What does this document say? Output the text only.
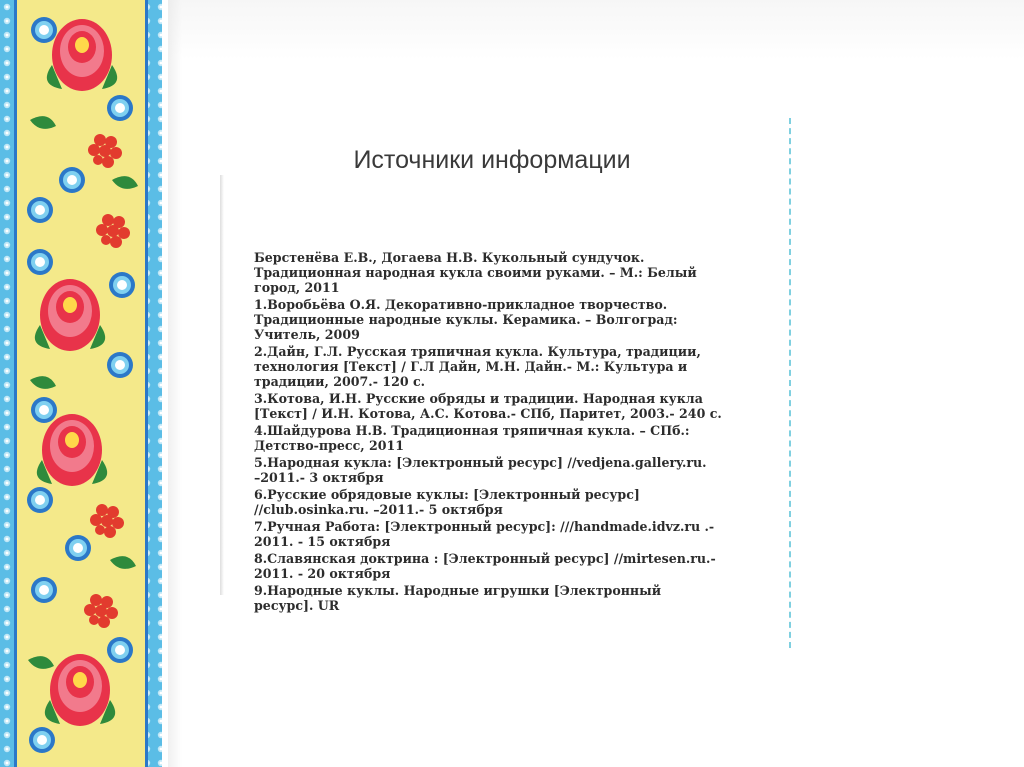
Источники информации
Берстенёва Е.В., Догаева Н.В. Кукольный сундучок.
Традиционная народная кукла своими руками. – М.: Белый
город, 2011
1.Воробьёва О.Я. Декоративно-прикладное творчество.
Традиционные народные куклы. Керамика. – Волгоград:
Учитель, 2009
2.Дайн, Г.Л. Русская тряпичная кукла. Культура, традиции,
технология [Текст] / Г.Л Дайн, М.Н. Дайн.- М.: Культура и
традиции, 2007.- 120 с.
3.Котова, И.Н. Русские обряды и традиции. Народная кукла
[Текст] / И.Н. Котова, А.С. Котова.- СПб, Паритет, 2003.- 240 с.
4.Шайдурова Н.В. Традиционная тряпичная кукла. – СПб.:
Детство-пресс, 2011
5.Народная кукла: [Электронный ресурс] //vedjena.gallery.ru.
–2011.- 3 октября
6.Русские обрядовые куклы: [Электронный ресурс]
//club.osinka.ru. –2011.- 5 октября
7.Ручная Работа: [Электронный ресурс]: ///handmade.idvz.ru .-
2011. - 15 октября
8.Славянская доктрина : [Электронный ресурс] //mirtesen.ru.-
2011. - 20 октября
9.Народные куклы. Народные игрушки [Электронный
ресурс]. UR
